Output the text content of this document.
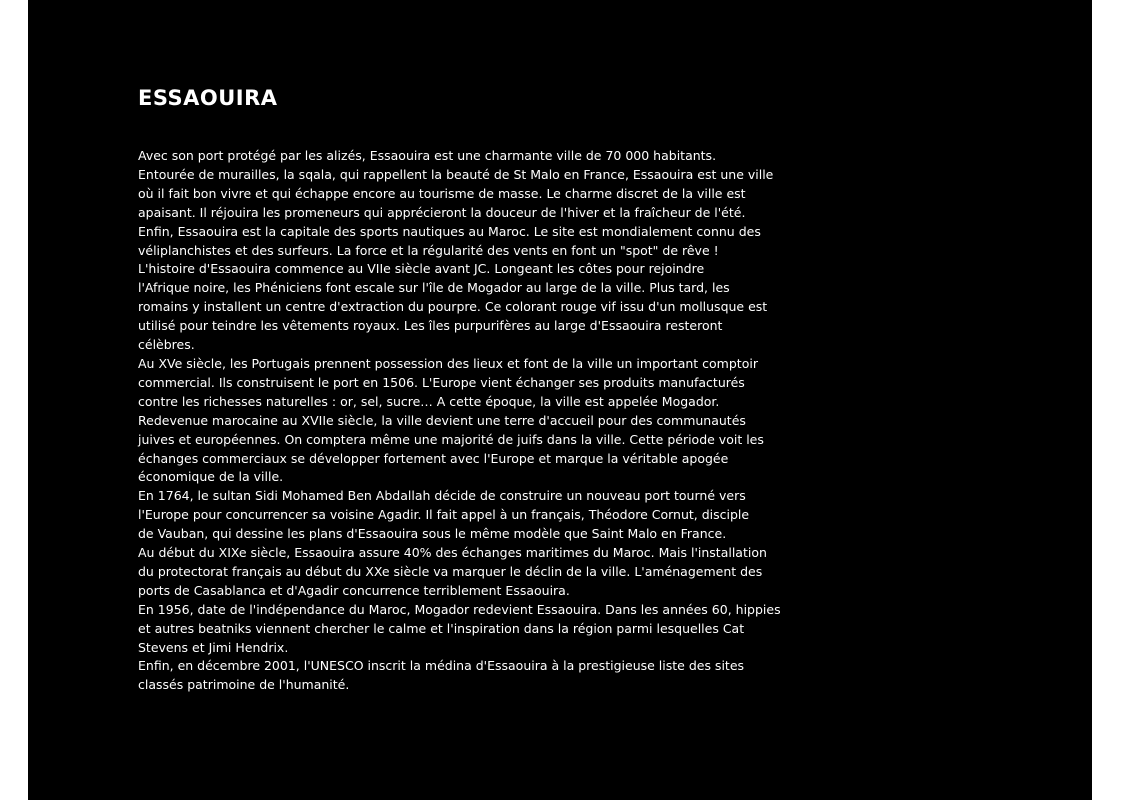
ESSAOUIRA
Avec son port protégé par les alizés, Essaouira est une charmante ville de 70 000 habitants.
Entourée de murailles, la sqala, qui rappellent la beauté de St Malo en France, Essaouira est une ville
où il fait bon vivre et qui échappe encore au tourisme de masse. Le charme discret de la ville est
apaisant. Il réjouira les promeneurs qui apprécieront la douceur de l'hiver et la fraîcheur de l'été.
Enfin, Essaouira est la capitale des sports nautiques au Maroc. Le site est mondialement connu des
véliplanchistes et des surfeurs. La force et la régularité des vents en font un "spot" de rêve !
L'histoire d'Essaouira commence au VIIe siècle avant JC. Longeant les côtes pour rejoindre
l'Afrique noire, les Phéniciens font escale sur l'île de Mogador au large de la ville. Plus tard, les
romains y installent un centre d'extraction du pourpre. Ce colorant rouge vif issu d'un mollusque est
utilisé pour teindre les vêtements royaux. Les îles purpurifères au large d'Essaouira resteront
célèbres.
Au XVe siècle, les Portugais prennent possession des lieux et font de la ville un important comptoir
commercial. Ils construisent le port en 1506. L'Europe vient échanger ses produits manufacturés
contre les richesses naturelles : or, sel, sucre… A cette époque, la ville est appelée Mogador.
Redevenue marocaine au XVIIe siècle, la ville devient une terre d'accueil pour des communautés
juives et européennes. On comptera même une majorité de juifs dans la ville. Cette période voit les
échanges commerciaux se développer fortement avec l'Europe et marque la véritable apogée
économique de la ville.
En 1764, le sultan Sidi Mohamed Ben Abdallah décide de construire un nouveau port tourné vers
l'Europe pour concurrencer sa voisine Agadir. Il fait appel à un français, Théodore Cornut, disciple
de Vauban, qui dessine les plans d'Essaouira sous le même modèle que Saint Malo en France.
Au début du XIXe siècle, Essaouira assure 40% des échanges maritimes du Maroc. Mais l'installation
du protectorat français au début du XXe siècle va marquer le déclin de la ville. L'aménagement des
ports de Casablanca et d'Agadir concurrence terriblement Essaouira.
En 1956, date de l'indépendance du Maroc, Mogador redevient Essaouira. Dans les années 60, hippies
et autres beatniks viennent chercher le calme et l'inspiration dans la région parmi lesquelles Cat
Stevens et Jimi Hendrix.
Enfin, en décembre 2001, l'UNESCO inscrit la médina d'Essaouira à la prestigieuse liste des sites
classés patrimoine de l'humanité.
